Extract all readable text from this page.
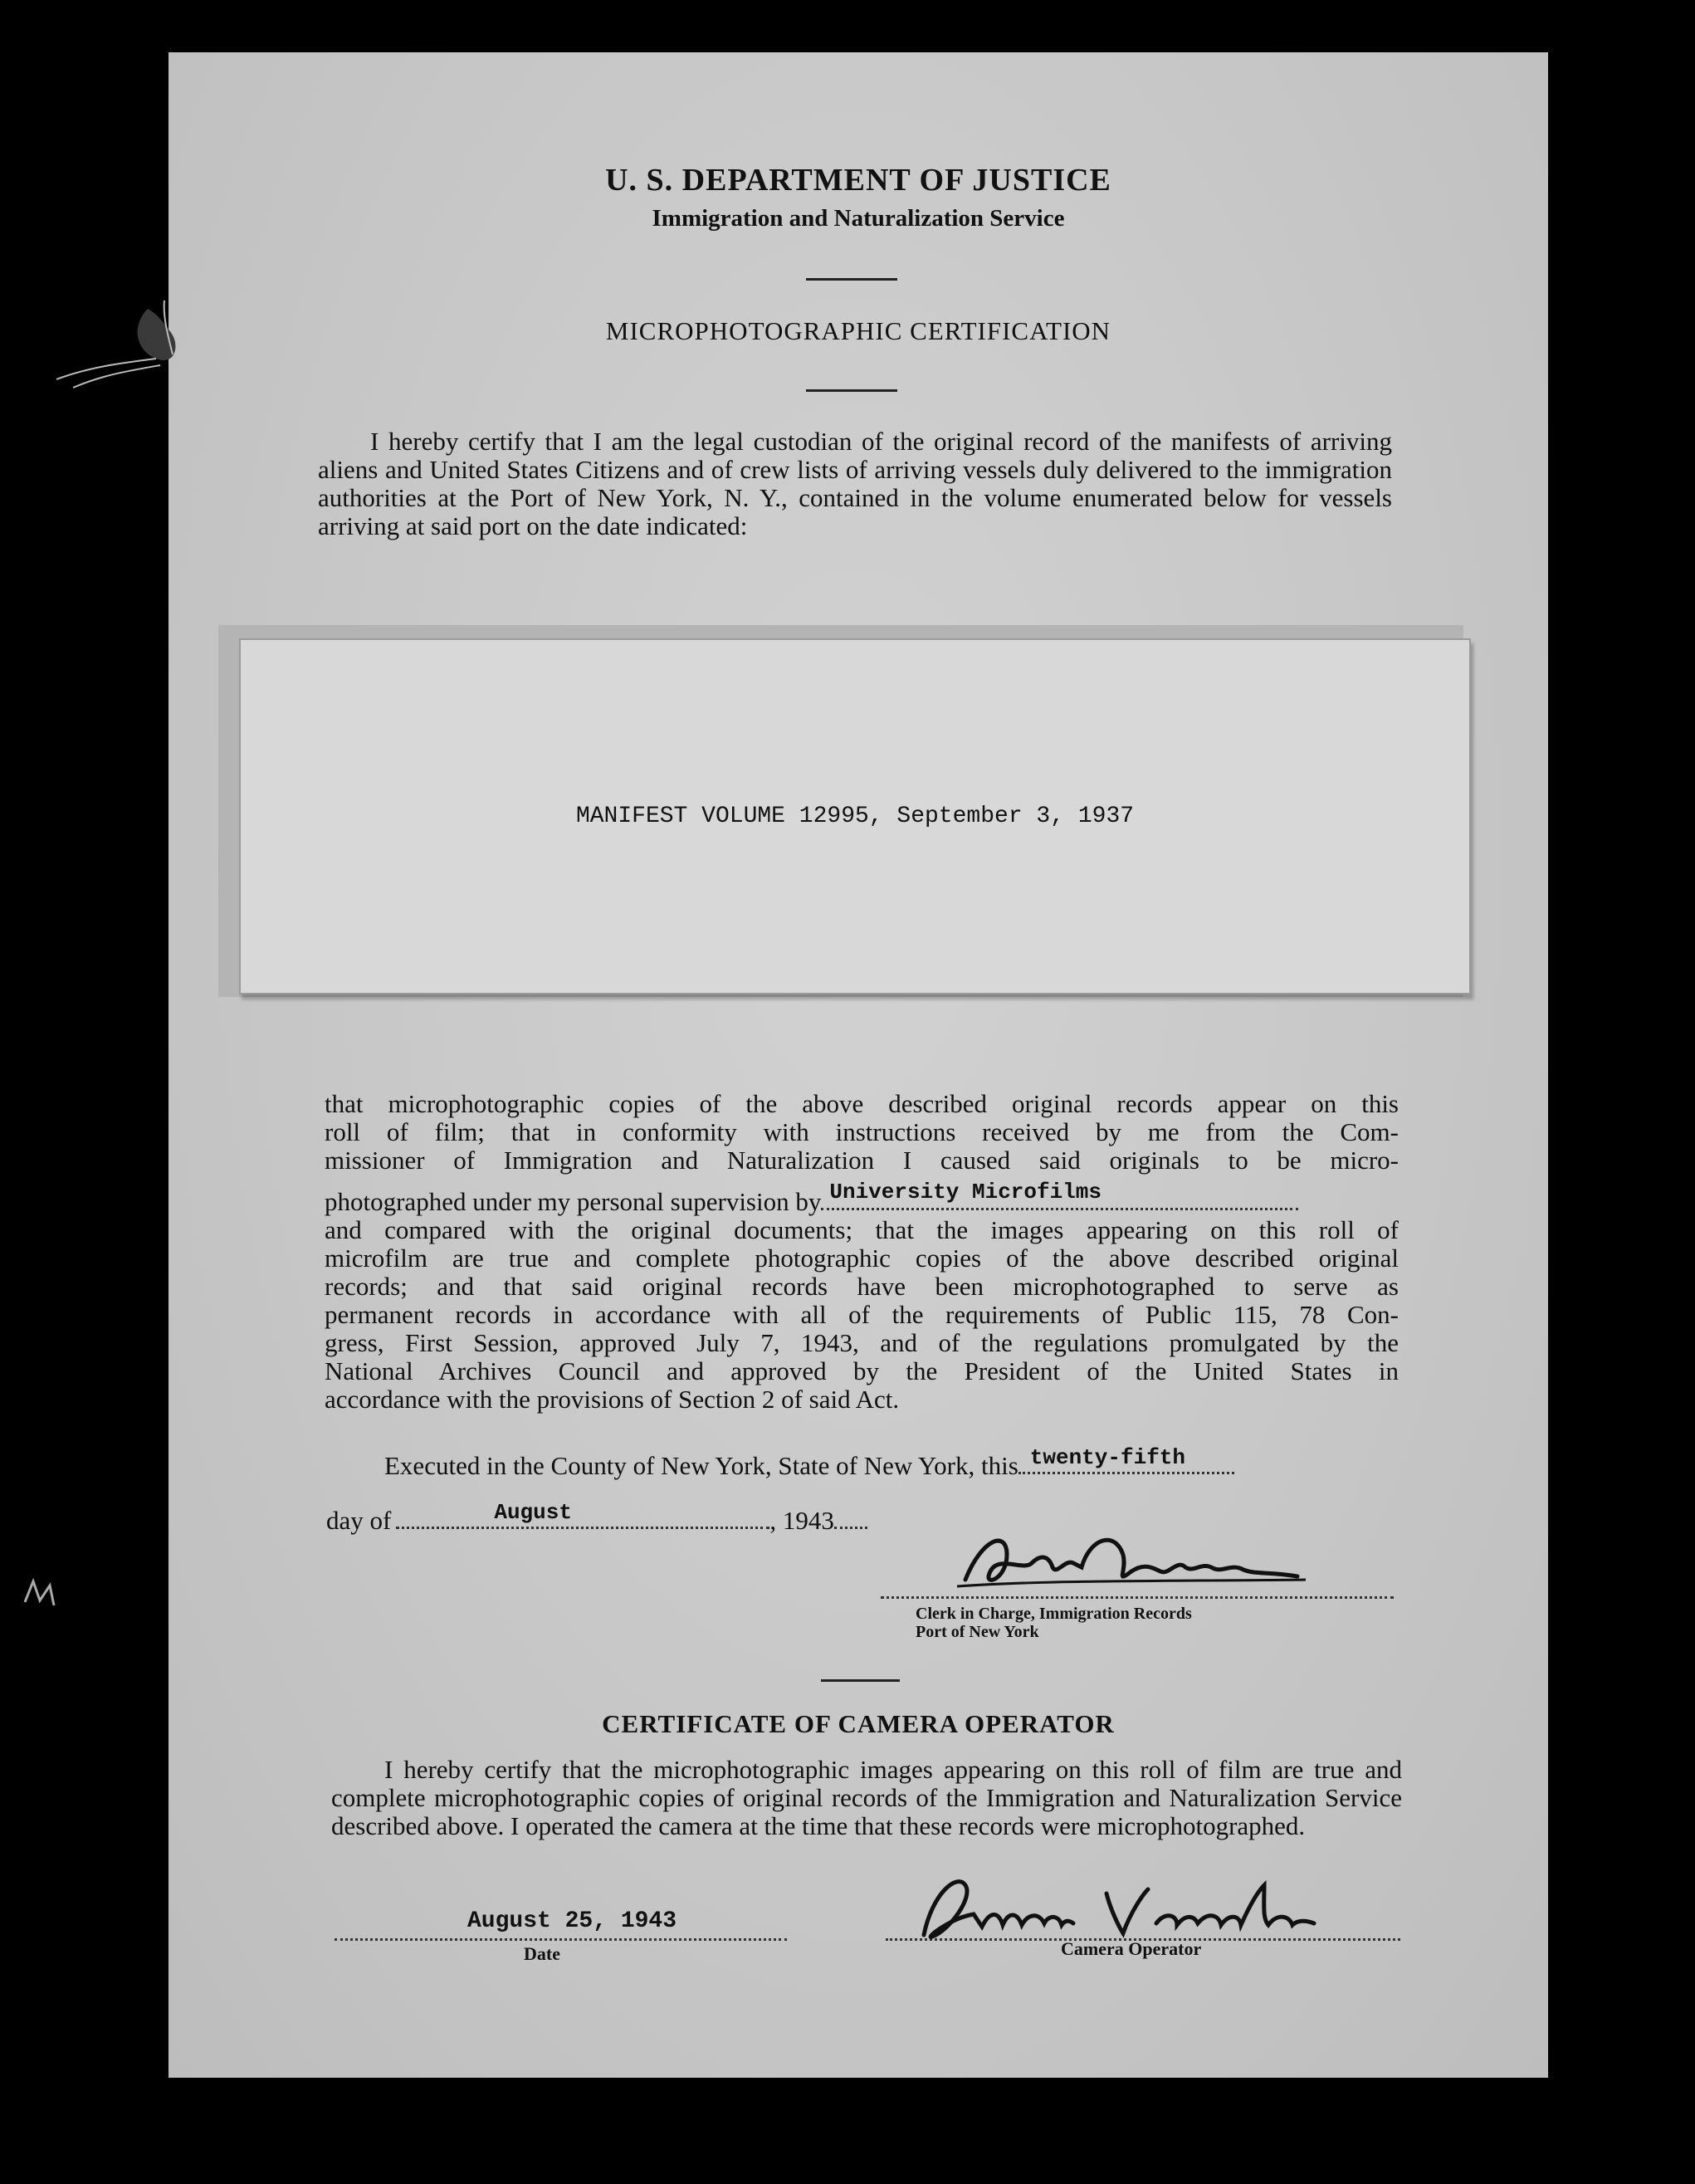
U. S. DEPARTMENT OF JUSTICE
Immigration and Naturalization Service
MICROPHOTOGRAPHIC CERTIFICATION
I hereby certify that I am the legal custodian of the original record of the manifests of arriving aliens and United States Citizens and of crew lists of arriving vessels duly delivered to the immigration authorities at the Port of New York, N. Y., contained in the volume enumerated below for vessels arriving at said port on the date indicated:
MANIFEST VOLUME 12995, September 3, 1937
that microphotographic copies of the above described original records appear on this
roll of film; that in conformity with instructions received by me from the Com-
missioner of Immigration and Naturalization I caused said originals to be micro-
photographed under my personal supervision by University Microfilms
and compared with the original documents; that the images appearing on this roll of
microfilm are true and complete photographic copies of the above described original
records; and that said original records have been microphotographed to serve as
permanent records in accordance with all of the requirements of Public 115, 78 Con-
gress, First Session, approved July 7, 1943, and of the regulations promulgated by the
National Archives Council and approved by the President of the United States in
accordance with the provisions of Section 2 of said Act.
Executed in the County of New York, State of New York, this twenty-fifth
day of	August	, 1943
Clerk in Charge, Immigration Records
Port of New York
CERTIFICATE OF CAMERA OPERATOR
I hereby certify that the microphotographic images appearing on this roll of film are true and complete microphotographic copies of original records of the Immigration and Naturalization Service described above. I operated the camera at the time that these records were microphotographed.
August 25, 1943
Date	Camera Operator
